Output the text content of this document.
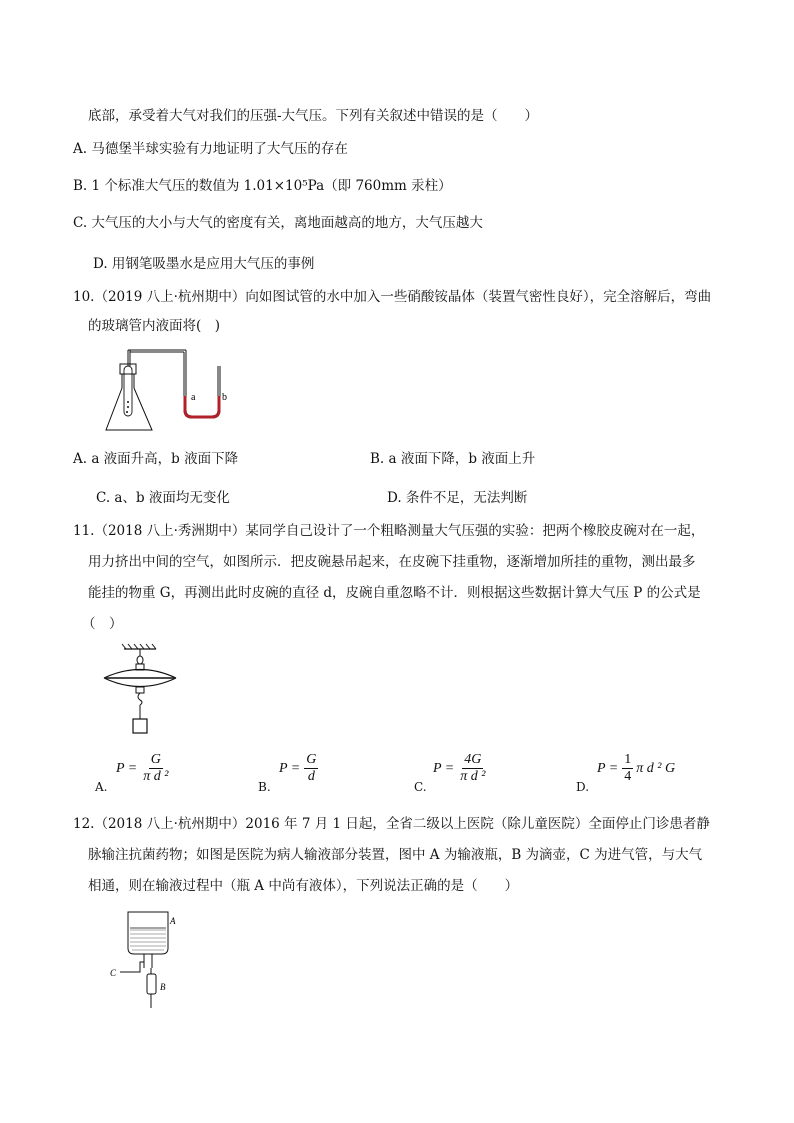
底部，承受着大气对我们的压强-大气压。下列有关叙述中错误的是（　　）
A. 马德堡半球实验有力地证明了大气压的存在
B. 1 个标准大气压的数值为 1.01×10⁵Pa（即 760mm 汞柱）
C. 大气压的大小与大气的密度有关，离地面越高的地方，大气压越大
D. 用钢笔吸墨水是应用大气压的事例
10.（2019 八上·杭州期中）向如图试管的水中加入一些硝酸铵晶体（装置气密性良好），完全溶解后，弯曲
的玻璃管内液面将(　)
a	b
A. a 液面升高，b 液面下降	B. a 液面下降，b 液面上升
C. a、b 液面均无变化	D. 条件不足，无法判断
11.（2018 八上·秀洲期中）某同学自己设计了一个粗略测量大气压强的实验：把两个橡胶皮碗对在一起，
用力挤出中间的空气，如图所示．把皮碗悬吊起来，在皮碗下挂重物，逐渐增加所挂的重物，测出最多
能挂的物重 G，再测出此时皮碗的直径 d，皮碗自重忽略不计．则根据这些数据计算大气压 P 的公式是
（　）
A.
$P = \frac{G}{\text{π d ²}}$
B.
$P = \frac{G}{d}$
C.
$P = \frac{4G}{\text{π d ²}}$
D.
$P = \frac{1}{4}$ π d ² G
12.（2018 八上·杭州期中）2016 年 7 月 1 日起，全省二级以上医院（除儿童医院）全面停止门诊患者静
脉输注抗菌药物；如图是医院为病人输液部分装置，图中 A 为输液瓶，B 为滴壶，C 为进气管，与大气
相通，则在输液过程中（瓶 A 中尚有液体），下列说法正确的是（　　）
A
C
B
